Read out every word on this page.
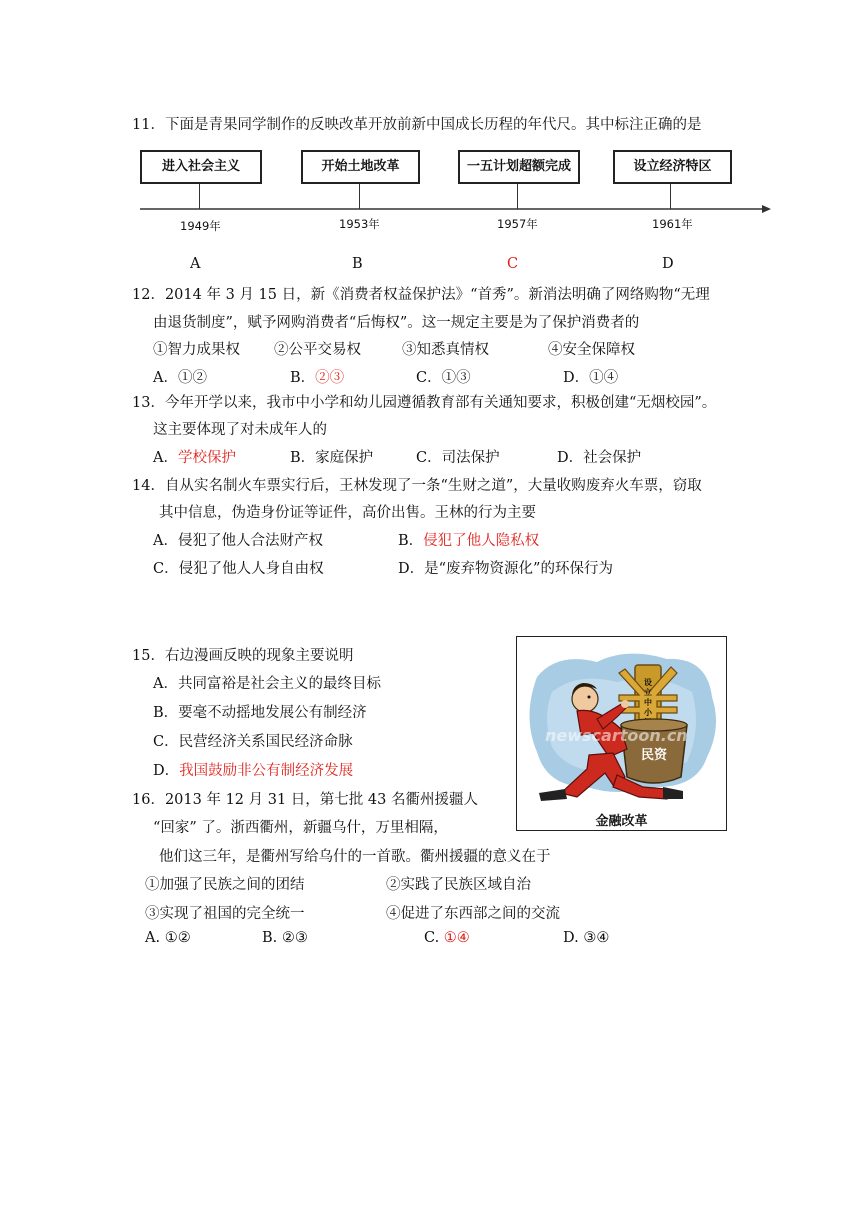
11．下面是青果同学制作的反映改革开放前新中国成长历程的年代尺。其中标注正确的是
进入社会主义	开始土地改革	一五计划超额完成	设立经济特区
1949年	1953年	1957年	1961年
A	B	C	D
12．2014 年 3 月 15 日，新《消费者权益保护法》“首秀”。新消法明确了网络购物“无理
由退货制度”，赋予网购消费者“后悔权”。这一规定主要是为了保护消费者的
①智力成果权 ②公平交易权	③知悉真情权	④安全保障权
A．①②	B．②③	C．①③	D．①④
13．今年开学以来，我市中小学和幼儿园遵循教育部有关通知要求，积极创建“无烟校园”。
这主要体现了对未成年人的
A．学校保护	B．家庭保护	C．司法保护	D．社会保护
14．自从实名制火车票实行后，王林发现了一条“生财之道”，大量收购废弃火车票，窃取
其中信息，伪造身份证等证件，高价出售。王林的行为主要
A．侵犯了他人合法财产权	B．侵犯了他人隐私权
C．侵犯了他人人身自由权	D．是“废弃物资源化”的环保行为
15．右边漫画反映的现象主要说明
A．共同富裕是社会主义的最终目标
B．要毫不动摇地发展公有制经济
C．民营经济关系国民经济命脉
D．我国鼓励非公有制经济发展
设
立
中
小
民资
newscartoon.cn
金融改革
16．2013 年 12 月 31 日，第七批 43 名衢州援疆人
“回家” 了。浙西衢州，新疆乌什，万里相隔，
他们这三年，是衢州写给乌什的一首歌。衢州援疆的意义在于
①加强了民族之间的团结	②实践了民族区域自治
③实现了祖国的完全统一	④促进了东西部之间的交流
A. ①②	B. ②③	C. ①④	D. ③④
